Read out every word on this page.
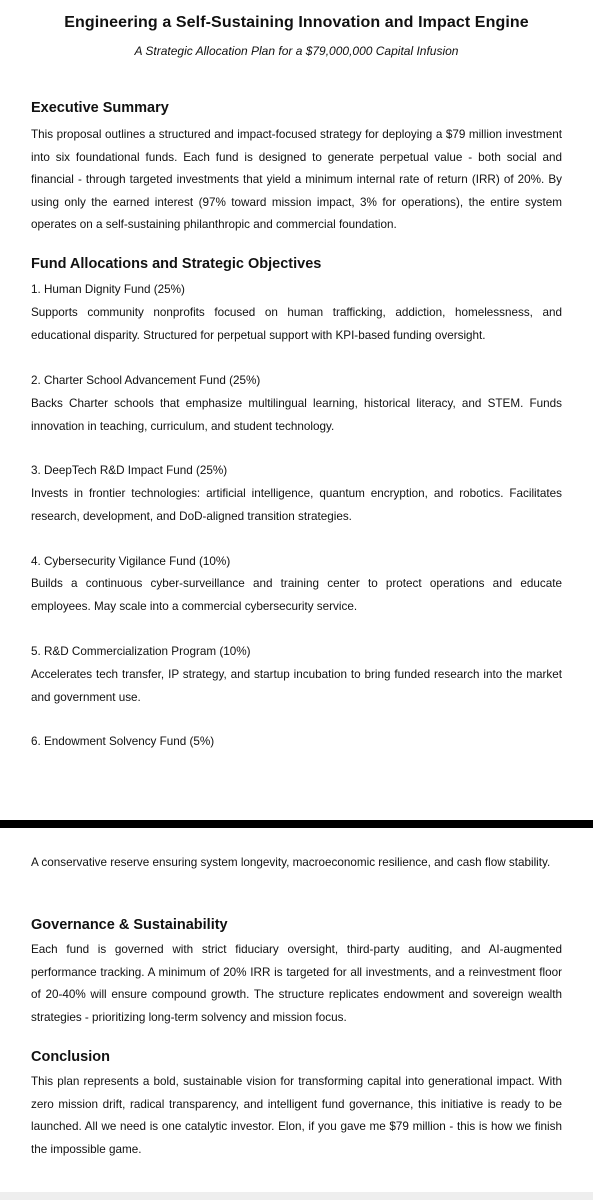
Engineering a Self-Sustaining Innovation and Impact Engine
A Strategic Allocation Plan for a $79,000,000 Capital Infusion
Executive Summary
This proposal outlines a structured and impact-focused strategy for deploying a $79 million investment into six foundational funds. Each fund is designed to generate perpetual value - both social and financial - through targeted investments that yield a minimum internal rate of return (IRR) of 20%. By using only the earned interest (97% toward mission impact, 3% for operations), the entire system operates on a self-sustaining philanthropic and commercial foundation.
Fund Allocations and Strategic Objectives
1. Human Dignity Fund (25%)
Supports community nonprofits focused on human trafficking, addiction, homelessness, and educational disparity. Structured for perpetual support with KPI-based funding oversight.
2. Charter School Advancement Fund (25%)
Backs Charter schools that emphasize multilingual learning, historical literacy, and STEM. Funds innovation in teaching, curriculum, and student technology.
3. DeepTech R&D Impact Fund (25%)
Invests in frontier technologies: artificial intelligence, quantum encryption, and robotics. Facilitates research, development, and DoD-aligned transition strategies.
4. Cybersecurity Vigilance Fund (10%)
Builds a continuous cyber-surveillance and training center to protect operations and educate employees. May scale into a commercial cybersecurity service.
5. R&D Commercialization Program (10%)
Accelerates tech transfer, IP strategy, and startup incubation to bring funded research into the market and government use.
6. Endowment Solvency Fund (5%)
A conservative reserve ensuring system longevity, macroeconomic resilience, and cash flow stability.
Governance & Sustainability
Each fund is governed with strict fiduciary oversight, third-party auditing, and AI-augmented performance tracking. A minimum of 20% IRR is targeted for all investments, and a reinvestment floor of 20-40% will ensure compound growth. The structure replicates endowment and sovereign wealth strategies - prioritizing long-term solvency and mission focus.
Conclusion
This plan represents a bold, sustainable vision for transforming capital into generational impact. With zero mission drift, radical transparency, and intelligent fund governance, this initiative is ready to be launched. All we need is one catalytic investor. Elon, if you gave me $79 million - this is how we finish the impossible game.
